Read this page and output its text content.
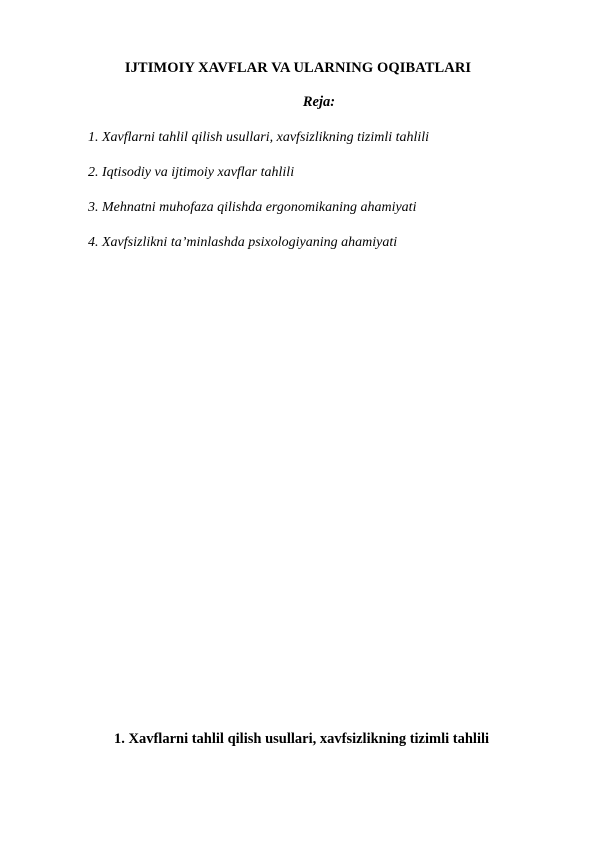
IJTIMOIY XAVFLAR VA ULARNING OQIBATLARI
Reja:
1. Xavflarni tahlil qilish usullari, xavfsizlikning tizimli tahlili
2. Iqtisodiy va ijtimoiy xavflar tahlili
3. Mehnatni muhofaza qilishda ergonomikaning ahamiyati
4. Xavfsizlikni ta’minlashda psixologiyaning ahamiyati
1. Xavflarni tahlil qilish usullari, xavfsizlikning tizimli tahlili
